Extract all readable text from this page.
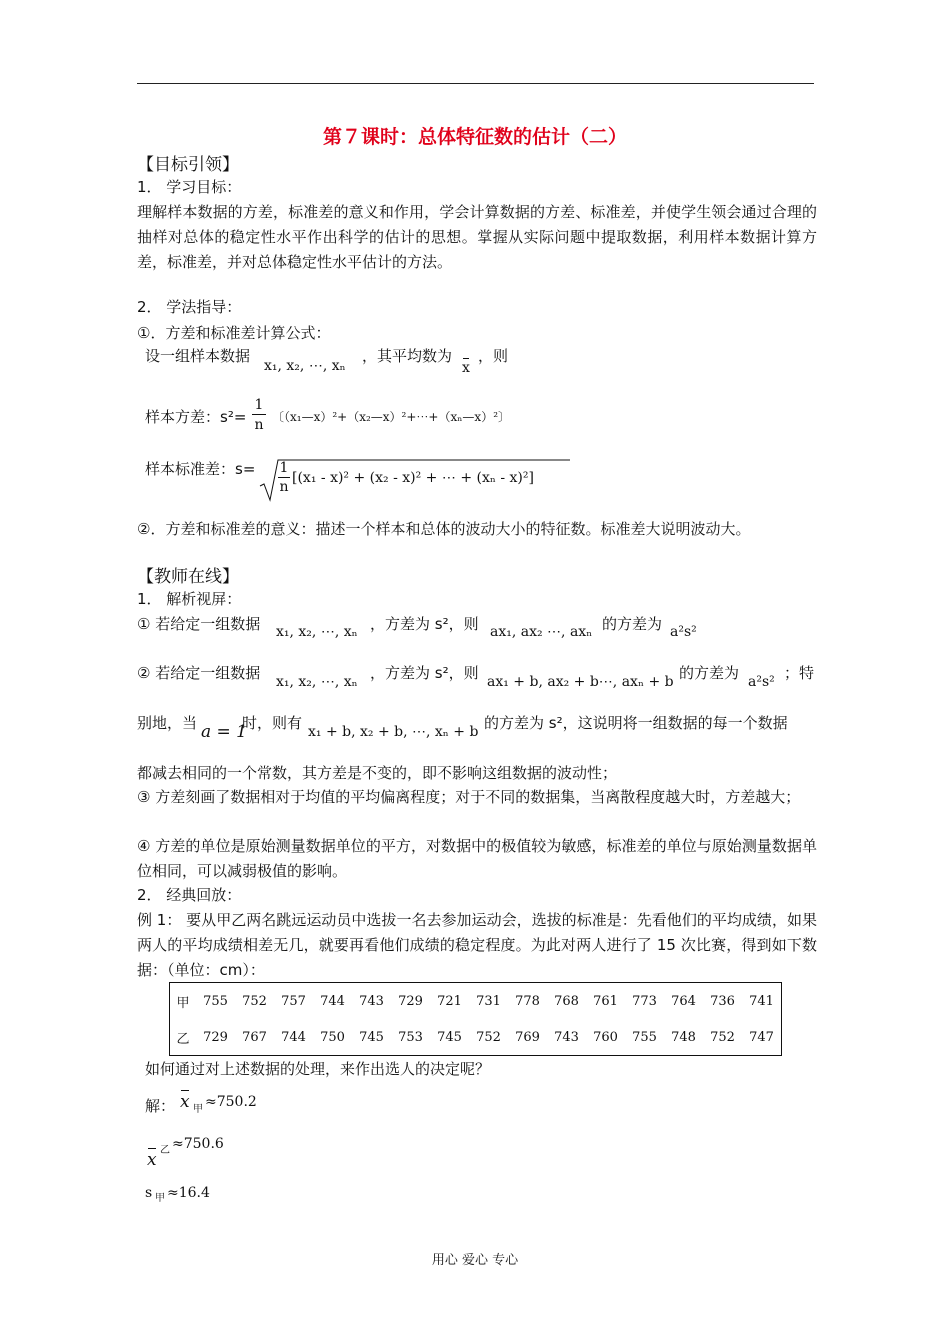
第７课时：总体特征数的估计（二）
【目标引领】
1． 学习目标：
理解样本数据的方差，标准差的意义和作用，学会计算数据的方差、标准差，并使学生领会通过合理的抽样对总体的稳定性水平作出科学的估计的思想。掌握从实际问题中提取数据，利用样本数据计算方差，标准差，并对总体稳定性水平估计的方法。
2． 学法指导：
①．方差和标准差计算公式：
设一组样本数据
x₁, x₂, ⋯, xₙ
，其平均数为
x
，则
样本方差：$s^2= \frac{1}{n}$ 〔（x₁—x）²+（x₂—x）²+⋯+（xₙ—x）²〕
样本标准差：s= 1
n
[(x₁ - x)² + (x₂ - x)² + ⋯ + (xₙ - x)²]
②．方差和标准差的意义：描述一个样本和总体的波动大小的特征数。标准差大说明波动大。
【教师在线】
1． 解析视屏：
① 若给定一组数据 x₁, x₂, ⋯, xₙ ，方差为 s²，则 ax₁, ax₂ ⋯, axₙ 的方差为 a²s²
② 若给定一组数据 x₁, x₂, ⋯, xₙ ，方差为 s²，则 ax₁ + b, ax₂ + b⋯, axₙ + b 的方差为 a²s² ；特
别地，当 a = 1
时，则有 x₁ + b, x₂ + b, ⋯, xₙ + b 的方差为 s²，这说明将一组数据的每一个数据
都减去相同的一个常数，其方差是不变的，即不影响这组数据的波动性；
③ 方差刻画了数据相对于均值的平均偏离程度；对于不同的数据集，当离散程度越大时，方差越大；
④ 方差的单位是原始测量数据单位的平方，对数据中的极值较为敏感，标准差的单位与原始测量数据单位相同，可以减弱极值的影响。
2． 经典回放：
例 1： 要从甲乙两名跳远运动员中选拔一名去参加运动会，选拔的标准是：先看他们的平均成绩，如果两人的平均成绩相差无几，就要再看他们成绩的稳定程度。为此对两人进行了 15 次比赛，得到如下数据：（单位：cm）：
甲	755	752	757	744	743	729	721	731	778	768	761	773	764	736	741
乙	729	767	744	750	745	753	745	752	769	743	760	755	748	752	747
如何通过对上述数据的处理，来作出选人的决定呢？
解： x 甲 ≈750.2
x 乙 ≈750.6
s 甲 ≈16.4
用心 爱心 专心
